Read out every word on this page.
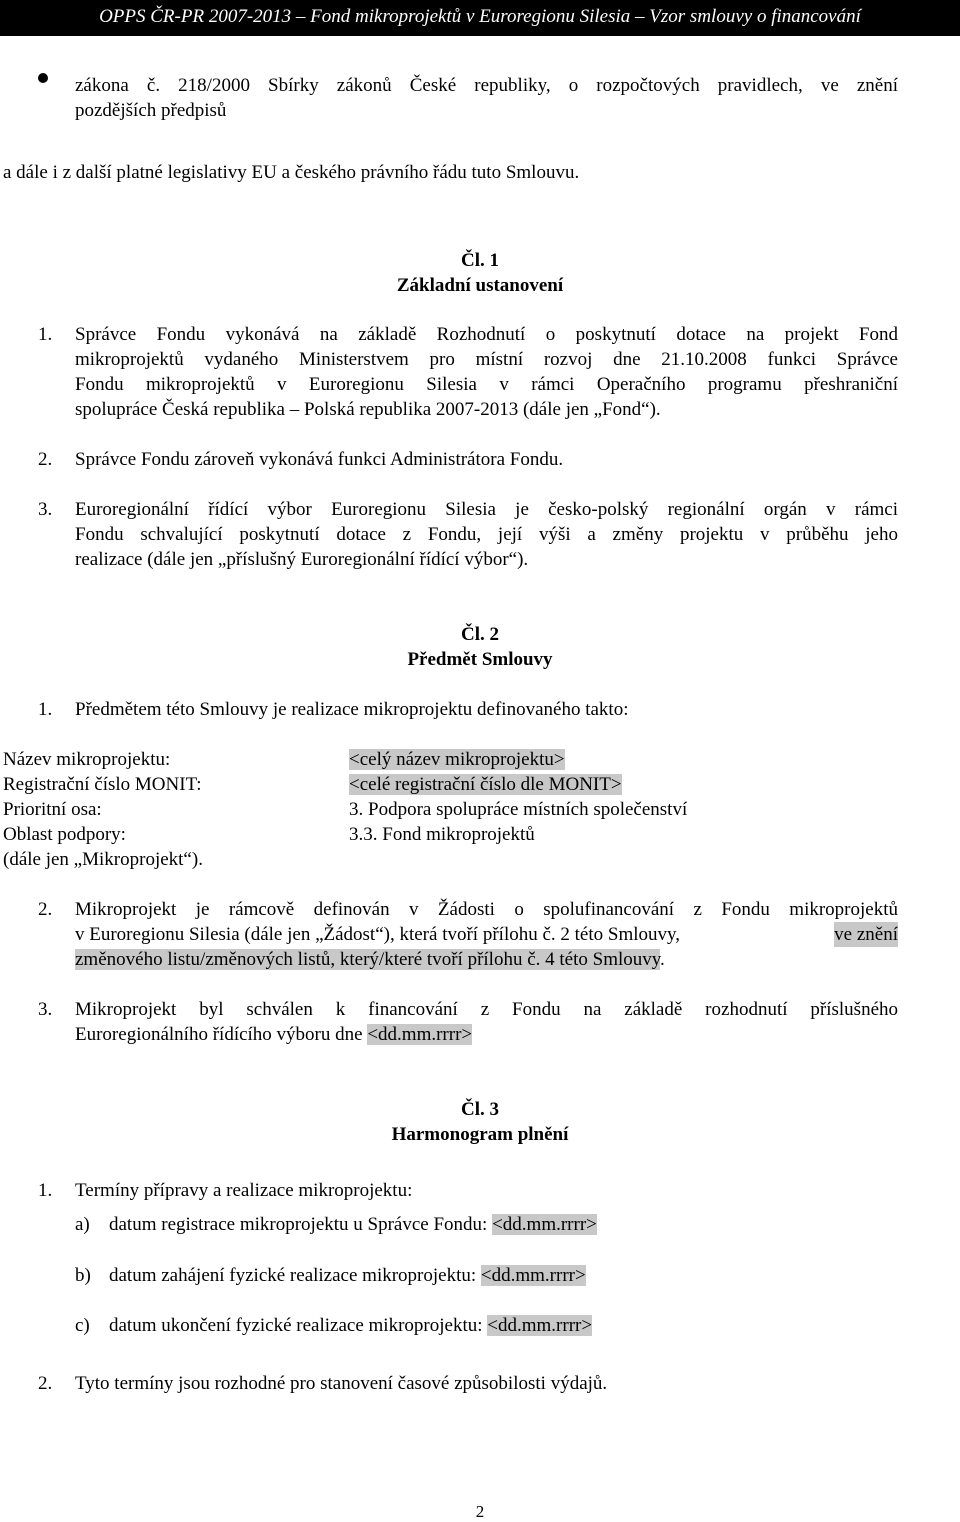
OPPS ČR-PR 2007-2013 – Fond mikroprojektů v Euroregionu Silesia – Vzor smlouvy o financování
zákona č. 218/2000 Sbírky zákonů České republiky, o rozpočtových pravidlech, ve znění
pozdějších předpisů
a dále i z další platné legislativy EU a českého právního řádu tuto Smlouvu.
Čl. 1
Základní ustanovení
1. Správce Fondu vykonává na základě Rozhodnutí o poskytnutí dotace na projekt Fond
mikroprojektů vydaného Ministerstvem pro místní rozvoj dne 21.10.2008 funkci Správce
Fondu mikroprojektů v Euroregionu Silesia v rámci Operačního programu přeshraniční
spolupráce Česká republika – Polská republika 2007-2013 (dále jen „Fond“).
2. Správce Fondu zároveň vykonává funkci Administrátora Fondu.
3. Euroregionální řídící výbor Euroregionu Silesia je česko-polský regionální orgán v rámci
Fondu schvalující poskytnutí dotace z Fondu, její výši a změny projektu v průběhu jeho
realizace (dále jen „příslušný Euroregionální řídící výbor“).
Čl. 2
Předmět Smlouvy
1. Předmětem této Smlouvy je realizace mikroprojektu definovaného takto:
Název mikroprojektu:	<celý název mikroprojektu>
Registrační číslo MONIT:	<celé registrační číslo dle MONIT>
Prioritní osa:	3. Podpora spolupráce místních společenství
Oblast podpory:	3.3. Fond mikroprojektů
(dále jen „Mikroprojekt“).
2. Mikroprojekt je rámcově definován v Žádosti o spolufinancování z Fondu mikroprojektů
v Euroregionu Silesia (dále jen „Žádost“), která tvoří přílohu č. 2 této Smlouvy,	ve znění
změnového listu/změnových listů, který/které tvoří přílohu č. 4 této Smlouvy.
3. Mikroprojekt byl schválen k financování z Fondu na základě rozhodnutí příslušného
Euroregionálního řídícího výboru dne <dd.mm.rrrr>
Čl. 3
Harmonogram plnění
1. Termíny přípravy a realizace mikroprojektu:
a) datum registrace mikroprojektu u Správce Fondu: <dd.mm.rrrr>
b) datum zahájení fyzické realizace mikroprojektu: <dd.mm.rrrr>
c) datum ukončení fyzické realizace mikroprojektu: <dd.mm.rrrr>
2. Tyto termíny jsou rozhodné pro stanovení časové způsobilosti výdajů.
2
